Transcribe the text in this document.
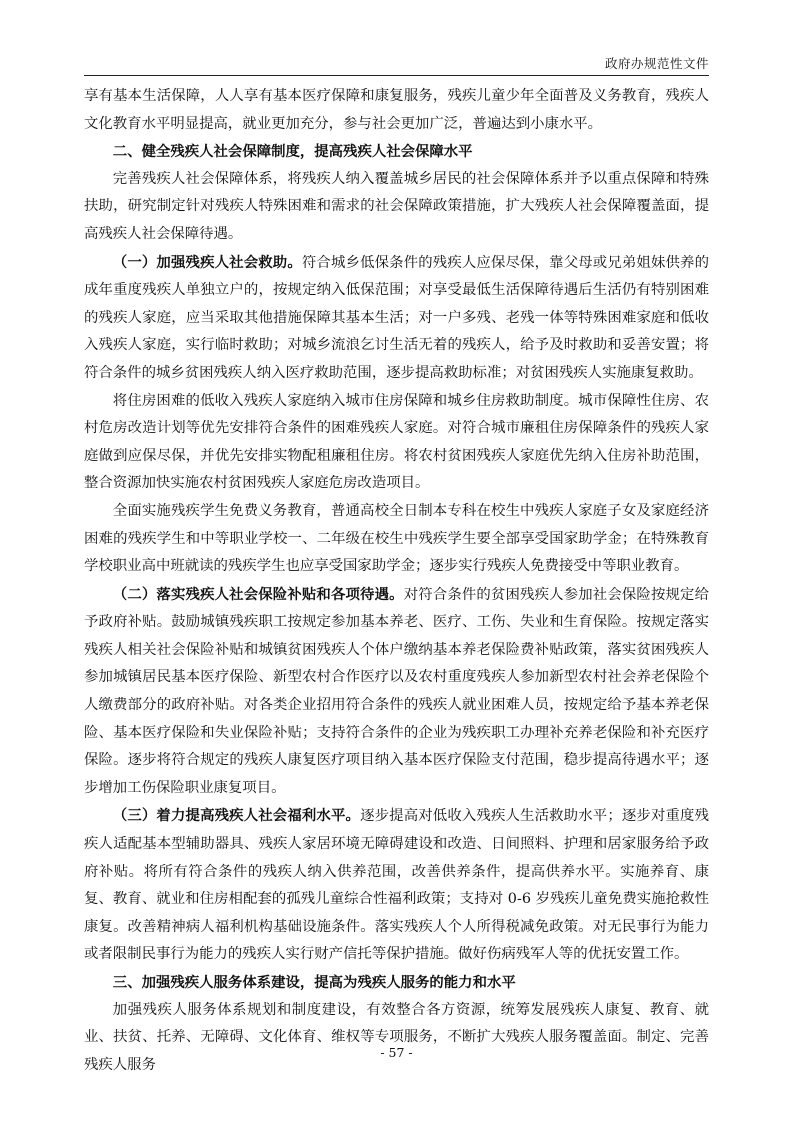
政府办规范性文件

享有基本生活保障，人人享有基本医疗保障和康复服务，残疾儿童少年全面普及义务教育，残疾人文化教育水平明显提高，就业更加充分，参与社会更加广泛，普遍达到小康水平。

二、健全残疾人社会保障制度，提高残疾人社会保障水平

完善残疾人社会保障体系，将残疾人纳入覆盖城乡居民的社会保障体系并予以重点保障和特殊扶助，研究制定针对残疾人特殊困难和需求的社会保障政策措施，扩大残疾人社会保障覆盖面，提高残疾人社会保障待遇。

（一）加强残疾人社会救助。符合城乡低保条件的残疾人应保尽保，靠父母或兄弟姐妹供养的成年重度残疾人单独立户的，按规定纳入低保范围；对享受最低生活保障待遇后生活仍有特别困难的残疾人家庭，应当采取其他措施保障其基本生活；对一户多残、老残一体等特殊困难家庭和低收入残疾人家庭，实行临时救助；对城乡流浪乞讨生活无着的残疾人，给予及时救助和妥善安置；将符合条件的城乡贫困残疾人纳入医疗救助范围，逐步提高救助标准；对贫困残疾人实施康复救助。

将住房困难的低收入残疾人家庭纳入城市住房保障和城乡住房救助制度。城市保障性住房、农村危房改造计划等优先安排符合条件的困难残疾人家庭。对符合城市廉租住房保障条件的残疾人家庭做到应保尽保，并优先安排实物配租廉租住房。将农村贫困残疾人家庭优先纳入住房补助范围，整合资源加快实施农村贫困残疾人家庭危房改造项目。

全面实施残疾学生免费义务教育，普通高校全日制本专科在校生中残疾人家庭子女及家庭经济困难的残疾学生和中等职业学校一、二年级在校生中残疾学生要全部享受国家助学金；在特殊教育学校职业高中班就读的残疾学生也应享受国家助学金；逐步实行残疾人免费接受中等职业教育。

（二）落实残疾人社会保险补贴和各项待遇。对符合条件的贫困残疾人参加社会保险按规定给予政府补贴。鼓励城镇残疾职工按规定参加基本养老、医疗、工伤、失业和生育保险。按规定落实残疾人相关社会保险补贴和城镇贫困残疾人个体户缴纳基本养老保险费补贴政策，落实贫困残疾人参加城镇居民基本医疗保险、新型农村合作医疗以及农村重度残疾人参加新型农村社会养老保险个人缴费部分的政府补贴。对各类企业招用符合条件的残疾人就业困难人员，按规定给予基本养老保险、基本医疗保险和失业保险补贴；支持符合条件的企业为残疾职工办理补充养老保险和补充医疗保险。逐步将符合规定的残疾人康复医疗项目纳入基本医疗保险支付范围，稳步提高待遇水平；逐步增加工伤保险职业康复项目。

（三）着力提高残疾人社会福利水平。逐步提高对低收入残疾人生活救助水平；逐步对重度残疾人适配基本型辅助器具、残疾人家居环境无障碍建设和改造、日间照料、护理和居家服务给予政府补贴。将所有符合条件的残疾人纳入供养范围，改善供养条件，提高供养水平。实施养育、康复、教育、就业和住房相配套的孤残儿童综合性福利政策；支持对 0-6 岁残疾儿童免费实施抢救性康复。改善精神病人福利机构基础设施条件。落实残疾人个人所得税减免政策。对无民事行为能力或者限制民事行为能力的残疾人实行财产信托等保护措施。做好伤病残军人等的优抚安置工作。

三、加强残疾人服务体系建设，提高为残疾人服务的能力和水平

加强残疾人服务体系规划和制度建设，有效整合各方资源，统筹发展残疾人康复、教育、就业、扶贫、托养、无障碍、文化体育、维权等专项服务，不断扩大残疾人服务覆盖面。制定、完善残疾人服务

- 57 -
